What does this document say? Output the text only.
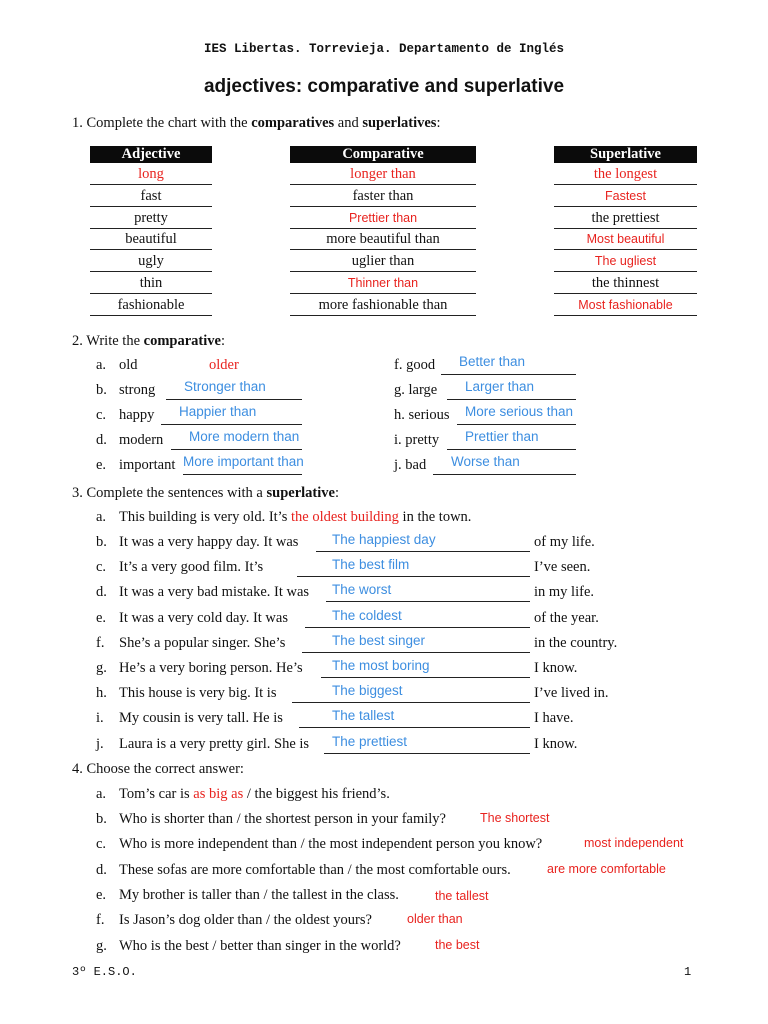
IES Libertas. Torrevieja. Departamento de Inglés
adjectives: comparative and superlative
1. Complete the chart with the comparatives and superlatives:
Adjective	Comparative	Superlative
long	longer than	the longest
fast	faster than	Fastest
pretty	Prettier than	the prettiest
beautiful	more beautiful than	Most beautiful
ugly	uglier than	The ugliest
thin	Thinner than	the thinnest
fashionable	more fashionable than	Most fashionable
2. Write the comparative:
a. old	older
b. strong Stronger than
c. happy Happier than
d. modern More modern than
e. important More important than
f. good Better than
g. large Larger than
h. serious More serious than
i. pretty Prettier than
j. bad Worse than
3. Complete the sentences with a superlative:
a. This building is very old. It’s the oldest building in the town.
b. It was a very happy day. It was The happiest day	of my life.
c. It’s a very good film. It’s	The best film	I’ve seen.
d. It was a very bad mistake. It was The worst	in my life.
e. It was a very cold day. It was	The coldest	of the year.
f. She’s a popular singer. She’s	The best singer	in the country.
g. He’s a very boring person. He’s The most boring	I know.
h. This house is very big. It is	The biggest	I’ve lived in.
i. My cousin is very tall. He is	The tallest	I have.
j. Laura is a very pretty girl. She is The prettiest	I know.
4. Choose the correct answer:
a. Tom’s car is as big as / the biggest his friend’s.
b. Who is shorter than / the shortest person in your family?	The shortest
c. Who is more independent than / the most independent person you know?	most independent
d. These sofas are more comfortable than / the most comfortable ours.	are more comfortable
e. My brother is taller than / the tallest in the class.	the tallest
f. Is Jason’s dog older than / the oldest yours?	older than
g. Who is the best / better than singer in the world?	the best
3º E.S.O.	1
